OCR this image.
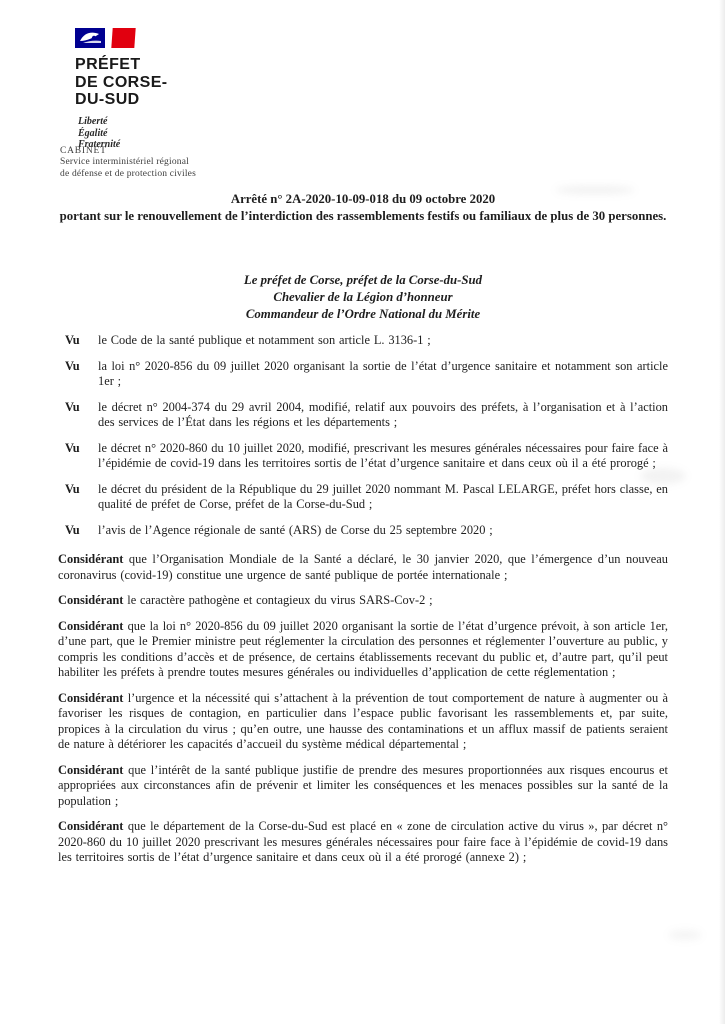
PRÉFET
DE CORSE-
DU-SUD
Liberté
Égalité
Fraternité
CABINET
Service interministériel régional
de défense et de protection civiles
Arrêté n° 2A-2020-10-09-018 du 09 octobre 2020
portant sur le renouvellement de l’interdiction des rassemblements festifs ou familiaux de plus de 30 personnes.
Le préfet de Corse, préfet de la Corse-du-Sud
Chevalier de la Légion d’honneur
Commandeur de l’Ordre National du Mérite
Vu	le Code de la santé publique et notamment son article L. 3136-1 ;
Vu	la loi n° 2020-856 du 09 juillet 2020 organisant la sortie de l’état d’urgence sanitaire et notamment son article 1er ;
Vu	le décret n° 2004-374 du 29 avril 2004, modifié, relatif aux pouvoirs des préfets, à l’organisation et à l’action des services de l’État dans les régions et les départements ;
Vu	le décret n° 2020-860 du 10 juillet 2020, modifié, prescrivant les mesures générales nécessaires pour faire face à l’épidémie de covid-19 dans les territoires sortis de l’état d’urgence sanitaire et dans ceux où il a été prorogé ;
Vu	le décret du président de la République du 29 juillet 2020 nommant M. Pascal LELARGE, préfet hors classe, en qualité de préfet de Corse, préfet de la Corse-du-Sud ;
Vu	l’avis de l’Agence régionale de santé (ARS) de Corse du 25 septembre 2020 ;

Considérant que l’Organisation Mondiale de la Santé a déclaré, le 30 janvier 2020, que l’émergence d’un nouveau coronavirus (covid-19) constitue une urgence de santé publique de portée internationale ;

Considérant le caractère pathogène et contagieux du virus SARS-Cov-2 ;

Considérant que la loi n° 2020-856 du 09 juillet 2020 organisant la sortie de l’état d’urgence prévoit, à son article 1er, d’une part, que le Premier ministre peut réglementer la circulation des personnes et réglementer l’ouverture au public, y compris les conditions d’accès et de présence, de certains établissements recevant du public et, d’autre part, qu’il peut habiliter les préfets à prendre toutes mesures générales ou individuelles d’application de cette réglementation ;

Considérant l’urgence et la nécessité qui s’attachent à la prévention de tout comportement de nature à augmenter ou à favoriser les risques de contagion, en particulier dans l’espace public favorisant les rassemblements et, par suite, propices à la circulation du virus ; qu’en outre, une hausse des contaminations et un afflux massif de patients seraient de nature à détériorer les capacités d’accueil du système médical départemental ;

Considérant que l’intérêt de la santé publique justifie de prendre des mesures proportionnées aux risques encourus et appropriées aux circonstances afin de prévenir et limiter les conséquences et les menaces possibles sur la santé de la population ;

Considérant que le département de la Corse-du-Sud est placé en « zone de circulation active du virus », par décret n° 2020-860 du 10 juillet 2020 prescrivant les mesures générales nécessaires pour faire face à l’épidémie de covid-19 dans les territoires sortis de l’état d’urgence sanitaire et dans ceux où il a été prorogé (annexe 2) ;
